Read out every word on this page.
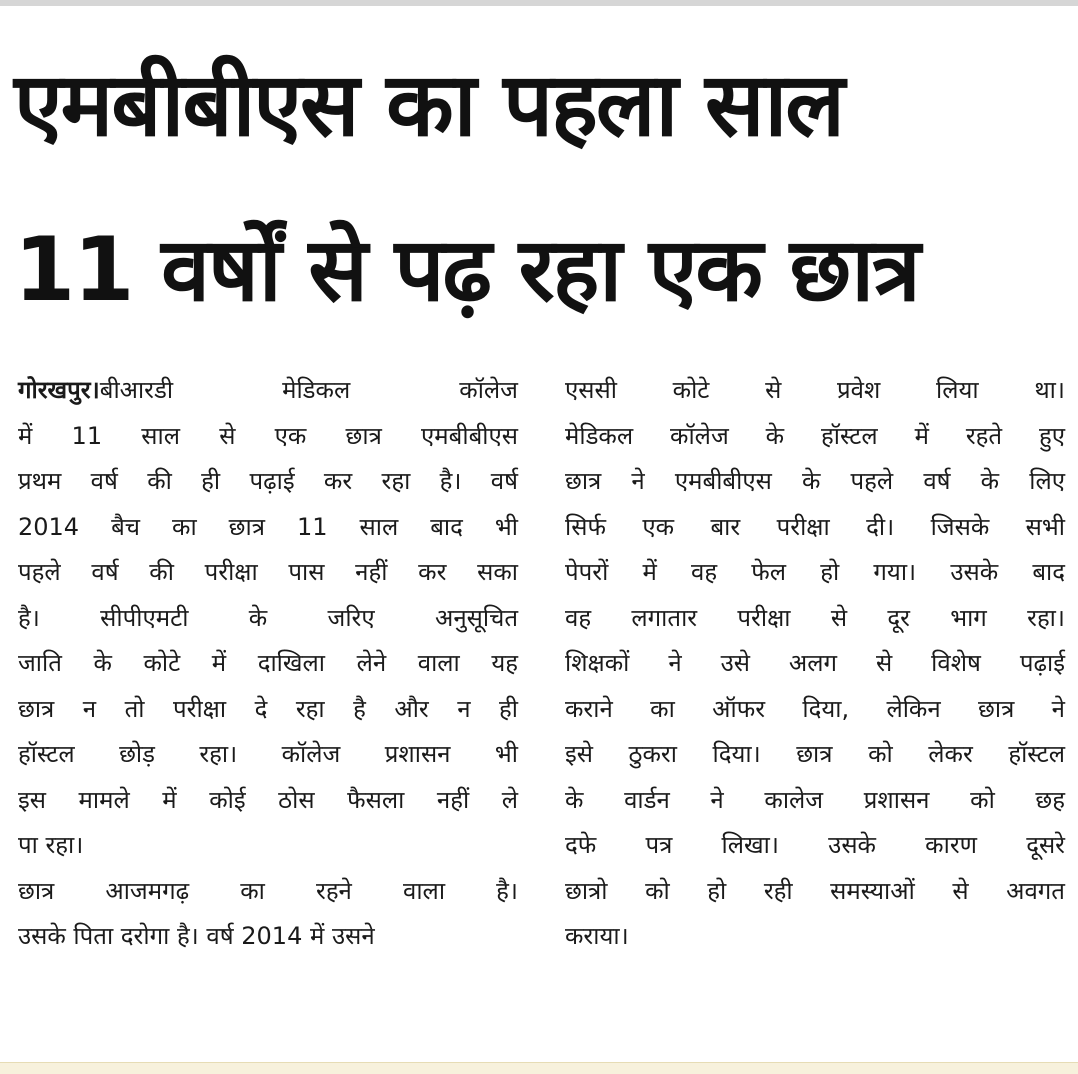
एमबीबीएस का पहला साल
11 वर्षों से पढ़ रहा एक छात्र
गोरखपुर।बीआरडी मेडिकल कॉलेज
में 11 साल से एक छात्र एमबीबीएस
प्रथम वर्ष की ही पढ़ाई कर रहा है। वर्ष
2014 बैच का छात्र 11 साल बाद भी
पहले वर्ष की परीक्षा पास नहीं कर सका
है। सीपीएमटी के जरिए अनुसूचित
जाति के कोटे में दाखिला लेने वाला यह
छात्र न तो परीक्षा दे रहा है और न ही
हॉस्टल छोड़ रहा। कॉलेज प्रशासन भी
इस मामले में कोई ठोस फैसला नहीं ले
पा रहा।
छात्र आजमगढ़ का रहने वाला है।
उसके पिता दरोगा है। वर्ष 2014 में उसने
एससी कोटे से प्रवेश लिया था।
मेडिकल कॉलेज के हॉस्टल में रहते हुए
छात्र ने एमबीबीएस के पहले वर्ष के लिए
सिर्फ एक बार परीक्षा दी। जिसके सभी
पेपरों में वह फेल हो गया। उसके बाद
वह लगातार परीक्षा से दूर भाग रहा।
शिक्षकों ने उसे अलग से विशेष पढ़ाई
कराने का ऑफर दिया, लेकिन छात्र ने
इसे ठुकरा दिया। छात्र को लेकर हॉस्टल
के वार्डन ने कालेज प्रशासन को छह
दफे पत्र लिखा। उसके कारण दूसरे
छात्रो को हो रही समस्याओं से अवगत
कराया।
